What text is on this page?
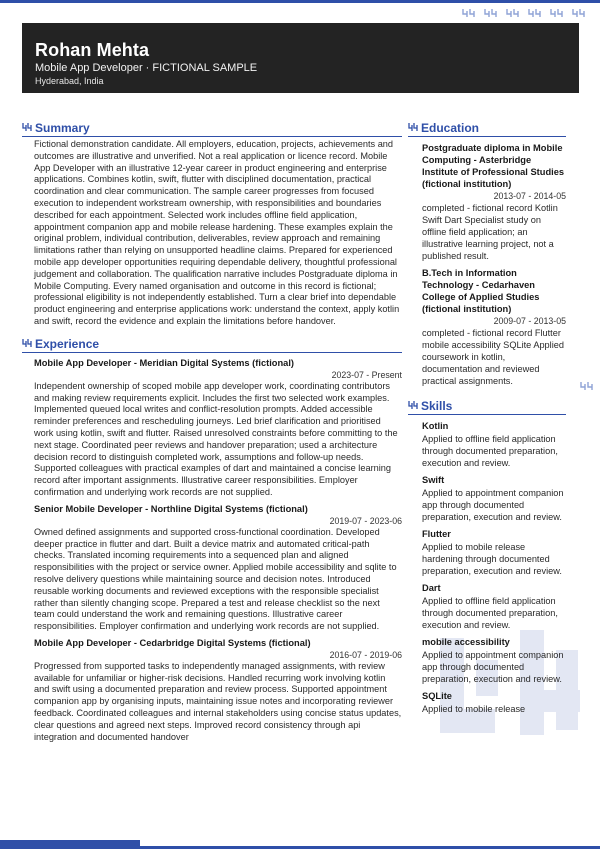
Rohan Mehta
Mobile App Developer · FICTIONAL SAMPLE
Hyderabad, India
Summary

Fictional demonstration candidate. All employers, education, projects, achievements and outcomes are illustrative and unverified. Not a real application or licence record. Mobile App Developer with an illustrative 12-year career in product engineering and enterprise applications. Combines kotlin, swift, flutter with disciplined documentation, practical coordination and clear communication. The sample career progresses from focused execution to independent workstream ownership, with responsibilities and boundaries described for each appointment. Selected work includes offline field application, appointment companion app and mobile release hardening. These examples explain the original problem, individual contribution, deliverables, review approach and remaining limitations rather than relying on unsupported headline claims. Prepared for experienced mobile app developer opportunities requiring dependable delivery, thoughtful professional judgement and collaboration. The qualification narrative includes Postgraduate diploma in Mobile Computing. Every named organisation and outcome in this record is fictional; professional eligibility is not independently established. Turn a clear brief into dependable product engineering and enterprise applications work: understand the context, apply kotlin and swift, record the evidence and explain the limitations before handover.

Experience
Mobile App Developer - Meridian Digital Systems (fictional)
2023-07 - Present

Independent ownership of scoped mobile app developer work, coordinating contributors and making review requirements explicit. Includes the first two selected work examples. Implemented queued local writes and conflict-resolution prompts. Added accessible reminder preferences and rescheduling journeys. Led brief clarification and prioritised work using kotlin, swift and flutter. Raised unresolved constraints before committing to the next stage. Coordinated peer reviews and handover preparation; used a architecture decision record to distinguish completed work, assumptions and follow-up needs. Supported colleagues with practical examples of dart and maintained a concise learning record after important assignments. Illustrative career responsibilities. Employer confirmation and underlying work records are not supplied.

Senior Mobile Developer - Northline Digital Systems (fictional)
2019-07 - 2023-06

Owned defined assignments and supported cross-functional coordination. Developed deeper practice in flutter and dart. Built a device matrix and automated critical-path checks. Translated incoming requirements into a sequenced plan and aligned responsibilities with the project or service owner. Applied mobile accessibility and sqlite to resolve delivery questions while maintaining source and decision notes. Introduced reusable working documents and reviewed exceptions with the responsible specialist rather than silently changing scope. Prepared a test and release checklist so the next team could understand the work and remaining questions. Illustrative career responsibilities. Employer confirmation and underlying work records are not supplied.

Mobile App Developer - Cedarbridge Digital Systems (fictional)
2016-07 - 2019-06

Progressed from supported tasks to independently managed assignments, with review available for unfamiliar or higher-risk decisions. Handled recurring work involving kotlin and swift using a documented preparation and review process. Supported appointment companion app by organising inputs, maintaining issue notes and incorporating reviewer feedback. Coordinated colleagues and internal stakeholders using concise status updates, clear questions and agreed next steps. Improved record consistency through api integration and documented handover

Education
Postgraduate diploma in Mobile Computing - Asterbridge Institute of Professional Studies (fictional institution)
2013-07 - 2014-05

completed - fictional record Kotlin Swift Dart Specialist study on offline field application; an illustrative learning project, not a published result.

B.Tech in Information Technology - Cedarhaven College of Applied Studies (fictional institution)
2009-07 - 2013-05

completed - fictional record Flutter mobile accessibility SQLite Applied coursework in kotlin, documentation and reviewed practical assignments.

Skills
Kotlin

Applied to offline field application through documented preparation, execution and review.

Swift

Applied to appointment companion app through documented preparation, execution and review.

Flutter

Applied to mobile release hardening through documented preparation, execution and review.

Dart

Applied to offline field application through documented preparation, execution and review.

mobile accessibility

Applied to appointment companion app through documented preparation, execution and review.

SQLite

Applied to mobile release
